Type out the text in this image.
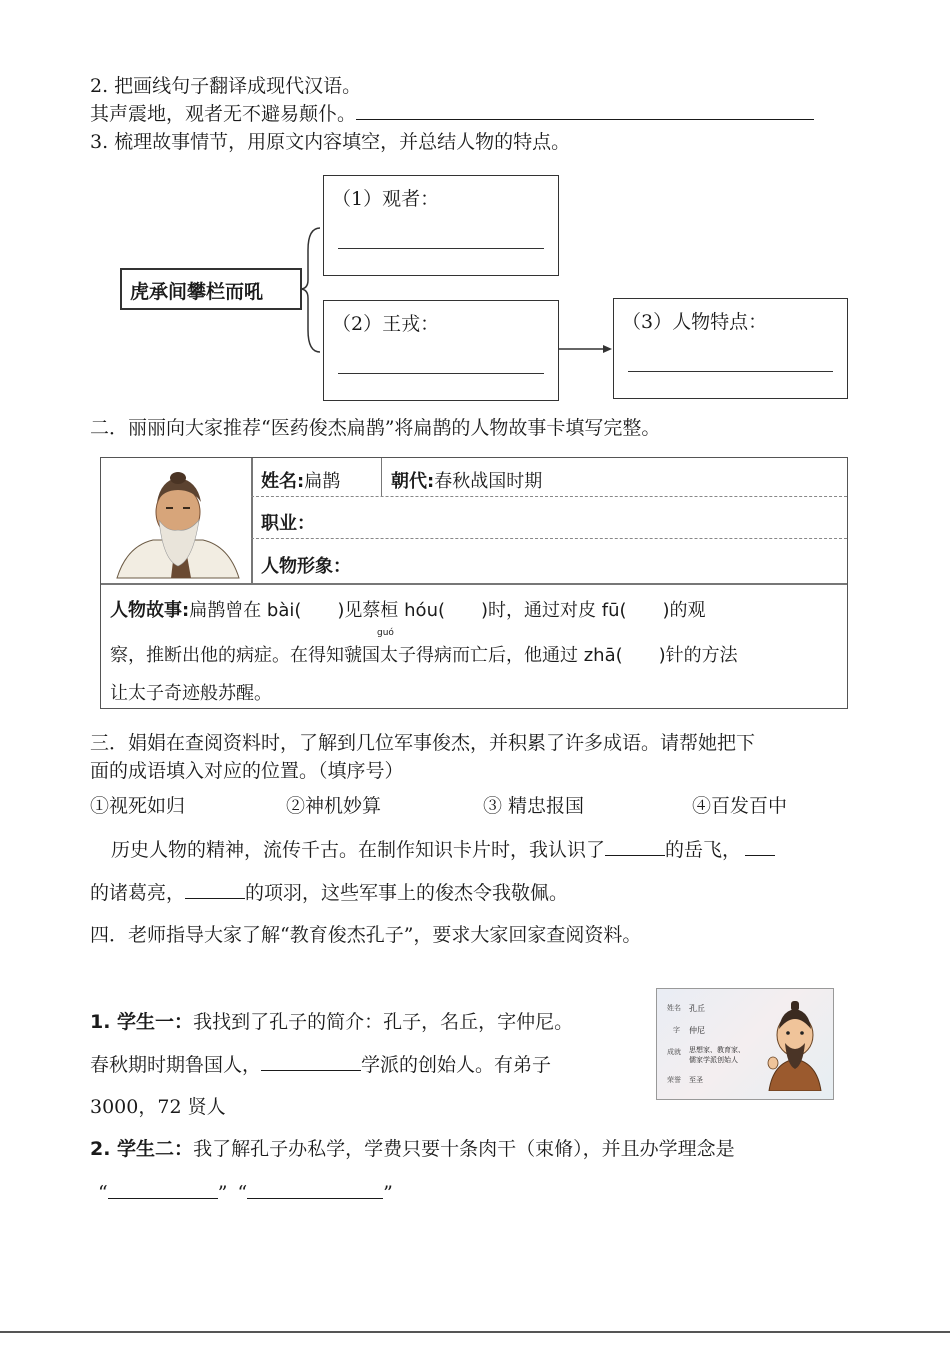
2. 把画线句子翻译成现代汉语。
其声震地，观者无不避易颠仆。
3. 梳理故事情节，用原文内容填空，并总结人物的特点。
虎承间攀栏而吼
（1）观者：
（2）王戎：	（3）人物特点：
二．丽丽向大家推荐“医药俊杰扁鹊”将扁鹊的人物故事卡填写完整。
姓名:扁鹊	朝代:春秋战国时期
职业：
人物形象：
人物故事:扁鹊曾在 bài(　　)见蔡桓 hóu(　　)时，通过对皮 fū(　　)的观
guó
察，推断出他的病症。在得知虢国太子得病而亡后，他通过 zhā(　　)针的方法
让太子奇迹般苏醒。
三．娟娟在查阅资料时，了解到几位军事俊杰，并积累了许多成语。请帮她把下
面的成语填入对应的位置。（填序号）
①视死如归	②神机妙算	③ 精忠报国	④百发百中
历史人物的精神，流传千古。在制作知识卡片时，我认识了	的岳飞，
的诸葛亮，	的项羽，这些军事上的俊杰令我敬佩。
四．老师指导大家了解“教育俊杰孔子”，要求大家回家查阅资料。
1. 学生一：我找到了孔子的简介：孔子，名丘，字仲尼。
春秋期时期鲁国人，	学派的创始人。有弟子
3000，72 贤人
姓名 孔丘
字 仲尼
成就 思想家、教育家、
儒家学派创始人
荣誉 至圣
2. 学生二：我了解孔子办私学，学费只要十条肉干（束脩），并且办学理念是
“	” “	”
